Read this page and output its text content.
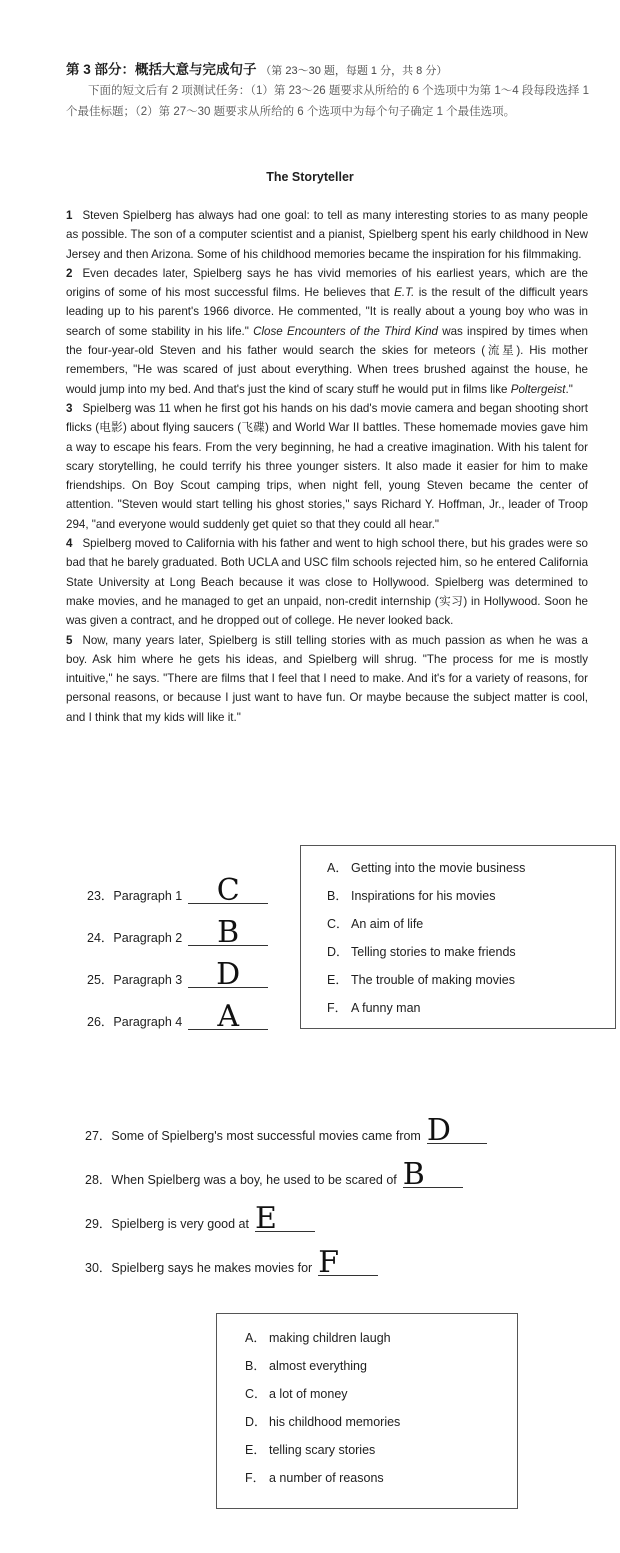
第 3 部分：概括大意与完成句子 （第 23～30 题，每题 1 分，共 8 分）

下面的短文后有 2 项测试任务：（1）第 23～26 题要求从所给的 6 个选项中为第 1～4 段每段选择 1 个最佳标题；（2）第 27～30 题要求从所给的 6 个选项中为每个句子确定 1 个最佳选项。

The Storyteller

1 Steven Spielberg has always had one goal: to tell as many interesting stories to as many people as possible. The son of a computer scientist and a pianist, Spielberg spent his early childhood in New Jersey and then Arizona. Some of his childhood memories became the inspiration for his filmmaking.

2 Even decades later, Spielberg says he has vivid memories of his earliest years, which are the origins of some of his most successful films. He believes that E.T. is the result of the difficult years leading up to his parent's 1966 divorce. He commented, "It is really about a young boy who was in search of some stability in his life." Close Encounters of the Third Kind was inspired by times when the four-year-old Steven and his father would search the skies for meteors (流星). His mother remembers, "He was scared of just about everything. When trees brushed against the house, he would jump into my bed. And that's just the kind of scary stuff he would put in films like Poltergeist."

3 Spielberg was 11 when he first got his hands on his dad's movie camera and began shooting short flicks (电影) about flying saucers (飞碟) and World War II battles. These homemade movies gave him a way to escape his fears. From the very beginning, he had a creative imagination. With his talent for scary storytelling, he could terrify his three younger sisters. It also made it easier for him to make friendships. On Boy Scout camping trips, when night fell, young Steven became the center of attention. "Steven would start telling his ghost stories," says Richard Y. Hoffman, Jr., leader of Troop 294, "and everyone would suddenly get quiet so that they could all hear."

4 Spielberg moved to California with his father and went to high school there, but his grades were so bad that he barely graduated. Both UCLA and USC film schools rejected him, so he entered California State University at Long Beach because it was close to Hollywood. Spielberg was determined to make movies, and he managed to get an unpaid, non-credit internship (实习) in Hollywood. Soon he was given a contract, and he dropped out of college. He never looked back.

5 Now, many years later, Spielberg is still telling stories with as much passion as when he was a boy. Ask him where he gets his ideas, and Spielberg will shrug. "The process for me is mostly intuitive," he says. "There are films that I feel that I need to make. And it's for a variety of reasons, for personal reasons, or because I just want to have fun. Or maybe because the subject matter is cool, and I think that my kids will like it."

23．Paragraph 1	C
24．Paragraph 2	B
25．Paragraph 3	D
26．Paragraph 4	A
A． Getting into the movie business
B． Inspirations for his movies
C． An aim of life
D． Telling stories to make friends
E． The trouble of making movies
F． A funny man
27．Some of Spielberg's most successful movies came from D
28．When Spielberg was a boy, he used to be scared of B
29．Spielberg is very good at E
30．Spielberg says he makes movies for F
A． making children laugh
B． almost everything
C． a lot of money
D． his childhood memories
E． telling scary stories
F． a number of reasons
